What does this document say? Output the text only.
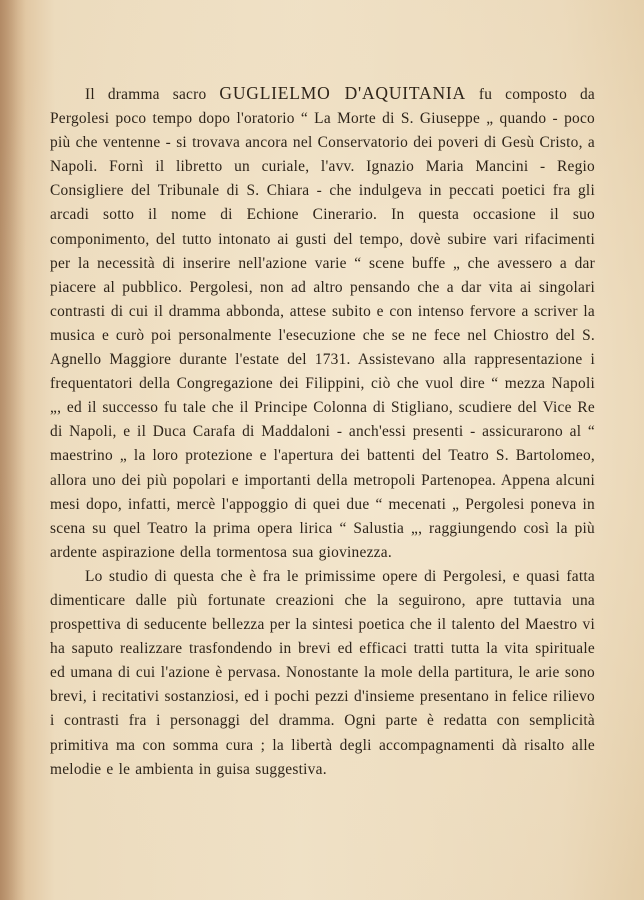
Il dramma sacro GUGLIELMO D'AQUITANIA fu composto da Pergolesi poco tempo dopo l'oratorio “ La Morte di S. Giuseppe „ quando - poco più che ventenne - si trovava ancora nel Conservatorio dei poveri di Gesù Cristo, a Napoli. Fornì il libretto un curiale, l'avv. Ignazio Maria Mancini - Regio Consigliere del Tribunale di S. Chiara - che indulgeva in peccati poetici fra gli arcadi sotto il nome di Echione Cinerario. In questa occasione il suo componimento, del tutto intonato ai gusti del tempo, dovè subire vari rifacimenti per la necessità di inserire nell'azione varie “ scene buffe „ che avessero a dar piacere al pubblico. Pergolesi, non ad altro pensando che a dar vita ai singolari contrasti di cui il dramma abbonda, attese subito e con intenso fervore a scriver la musica e curò poi personalmente l'esecuzione che se ne fece nel Chiostro del S. Agnello Maggiore durante l'estate del 1731. Assistevano alla rappresentazione i frequentatori della Congregazione dei Filippini, ciò che vuol dire “ mezza Napoli „, ed il successo fu tale che il Principe Colonna di Stigliano, scudiere del Vice Re di Napoli, e il Duca Carafa di Maddaloni - anch'essi presenti - assicurarono al “ maestrino „ la loro protezione e l'apertura dei battenti del Teatro S. Bartolomeo, allora uno dei più popolari e importanti della metropoli Partenopea. Appena alcuni mesi dopo, infatti, mercè l'appoggio di quei due “ mecenati „ Pergolesi poneva in scena su quel Teatro la prima opera lirica “ Salustia „, raggiungendo così la più ardente aspirazione della tormentosa sua giovinezza.

Lo studio di questa che è fra le primissime opere di Pergolesi, e quasi fatta dimenticare dalle più fortunate creazioni che la seguirono, apre tuttavia una prospettiva di seducente bellezza per la sintesi poetica che il talento del Maestro vi ha saputo realizzare trasfondendo in brevi ed efficaci tratti tutta la vita spirituale ed umana di cui l'azione è pervasa. Nonostante la mole della partitura, le arie sono brevi, i recitativi sostanziosi, ed i pochi pezzi d'insieme presentano in felice rilievo i contrasti fra i personaggi del dramma. Ogni parte è redatta con semplicità primitiva ma con somma cura ; la libertà degli accompagnamenti dà risalto alle melodie e le ambienta in guisa suggestiva.
